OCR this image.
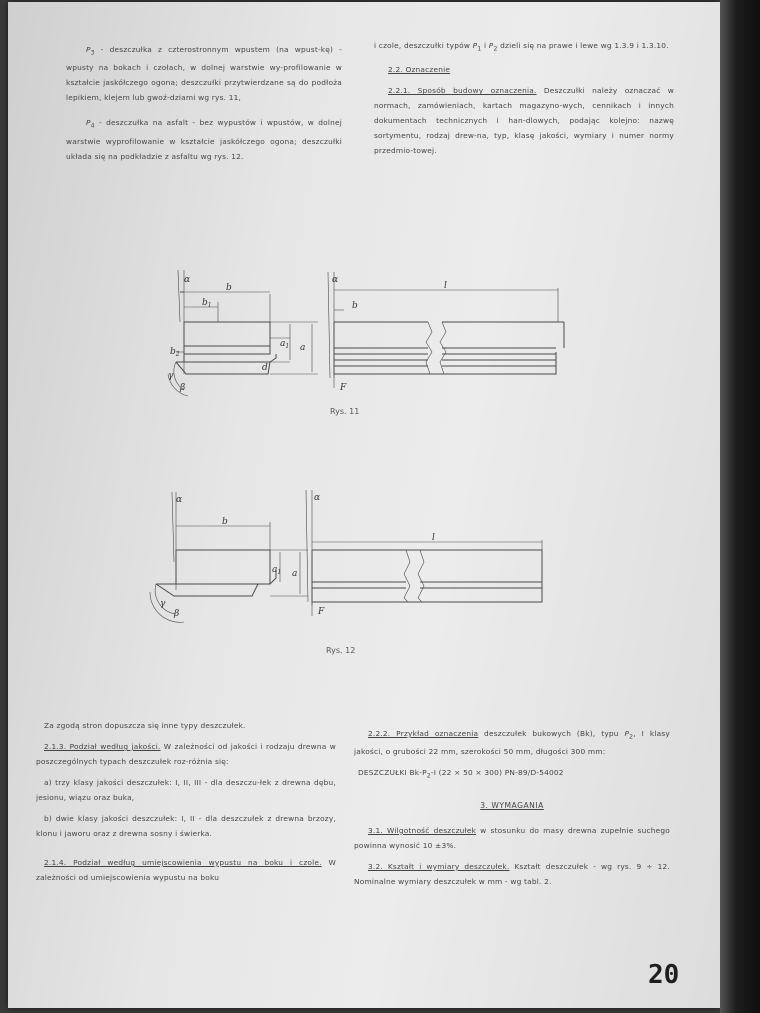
$P_3$ - deszczułka z czterostronnym wpustem (na wpust-kę) - wpusty na bokach i czołach, w dolnej warstwie wy-profilowanie w kształcie jaskółczego ogona; deszczułki przytwierdzane są do podłoża lepikiem, klejem lub gwoź-dziami wg rys. 11,

$P_4$ - deszczułka na asfalt - bez wypustów i wpustów, w dolnej warstwie wyprofilowanie w kształcie jaskółczego ogona; deszczułki układa się na podkładzie z asfaltu wg rys. 12.

i czole, deszczułki typów $P_1$ i $P_2$ dzieli się na prawe i lewe wg 1.3.9 i 1.3.10.

2.2. Oznaczenie

2.2.1. Sposób budowy oznaczenia. Deszczułki należy oznaczać w normach, zamówieniach, kartach magazyno-wych, cennikach i innych dokumentach technicznych i han-dlowych, podając kolejno: nazwę sortymentu, rodzaj drew-na, typ, klasę jakości, wymiary i numer normy przedmio-towej.

α
b
$b_1$
$b_2$
$a_1$ a
d
γ
β
α
l
b
F
α
b
$a_1$ a
γ
β
α
l
F
Rys. 11
Rys. 12

Za zgodą stron dopuszcza się inne typy deszczułek.

2.1.3. Podział według jakości. W zależności od jakości i rodzaju drewna w poszczególnych typach deszczułek roz-różnia się:

a) trzy klasy jakości deszczułek: I, II, III - dla deszczu-łek z drewna dębu, jesionu, wiązu oraz buka,

b) dwie klasy jakości deszczułek: I, II - dla deszczułek z drewna brzozy, klonu i jaworu oraz z drewna sosny i świerka.

2.1.4. Podział według umiejscowienia wypustu na boku i czole. W zależności od umiejscowienia wypustu na boku

2.2.2. Przykład oznaczenia deszczułek bukowych (Bk), typu $P_2$, I klasy jakości, o grubości 22 mm, szerokości 50 mm, długości 300 mm:

DESZCZUŁKI $Bk-P_2-I$ (22 × 50 × 300) PN-89/D-54002

3. WYMAGANIA

3.1. Wilgotność deszczułek w stosunku do masy drewna zupełnie suchego powinna wynosić 10 ±3%.

3.2. Kształt i wymiary deszczułek. Kształt deszczułek - wg rys. 9 ÷ 12. Nominalne wymiary deszczułek w mm - wg tabl. 2.

20
